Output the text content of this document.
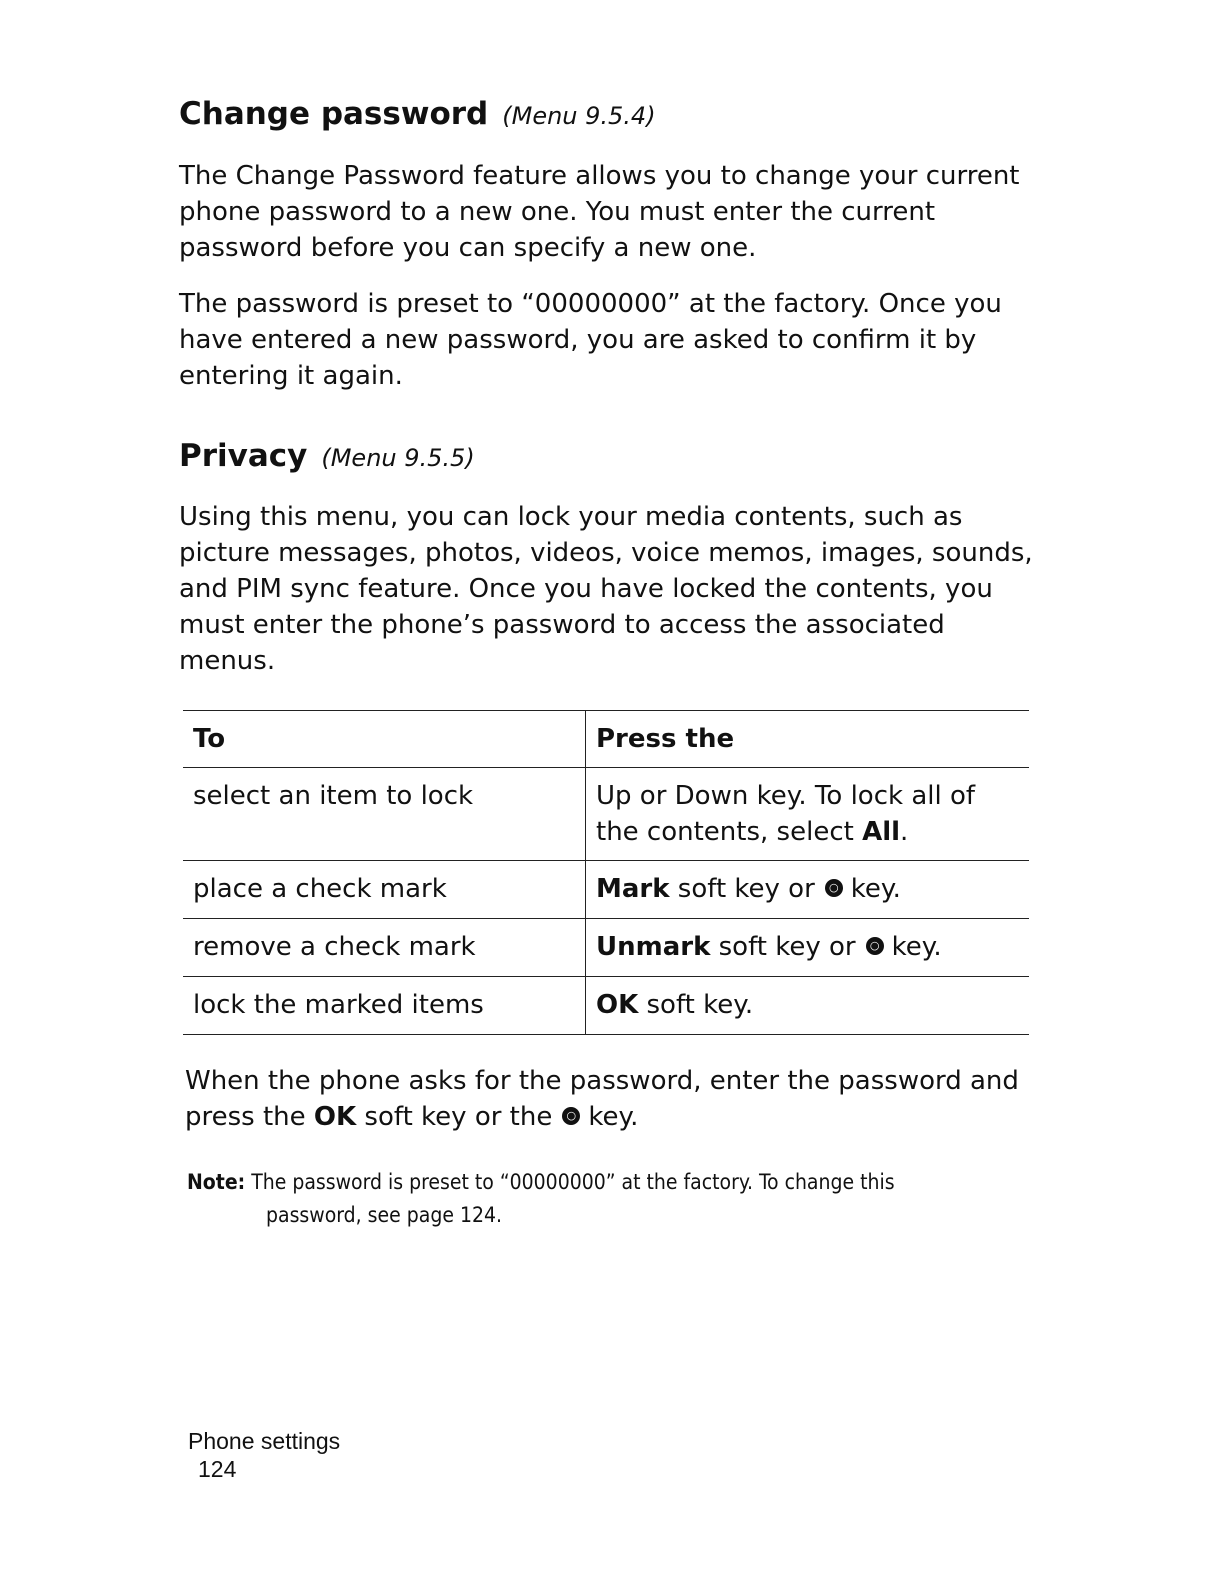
Change password (Menu 9.5.4)

The Change Password feature allows you to change your current phone password to a new one. You must enter the current password before you can specify a new one.

The password is preset to “00000000” at the factory. Once you have entered a new password, you are asked to confirm it by entering it again.

Privacy (Menu 9.5.5)

Using this menu, you can lock your media contents, such as picture messages, photos, videos, voice memos, images, sounds, and PIM sync feature. Once you have locked the contents, you must enter the phone’s password to access the associated menus.

To	Press the
select an item to lock	Up or Down key. To lock all of the contents, select All.
place a check mark	Mark soft key or ○ key.
remove a check mark	Unmark soft key or ○ key.
lock the marked items	OK soft key.

When the phone asks for the password, enter the password and press the OK soft key or the ○ key.

Note: The password is preset to “00000000” at the factory. To change this
password, see page 124.
Phone settings
124
